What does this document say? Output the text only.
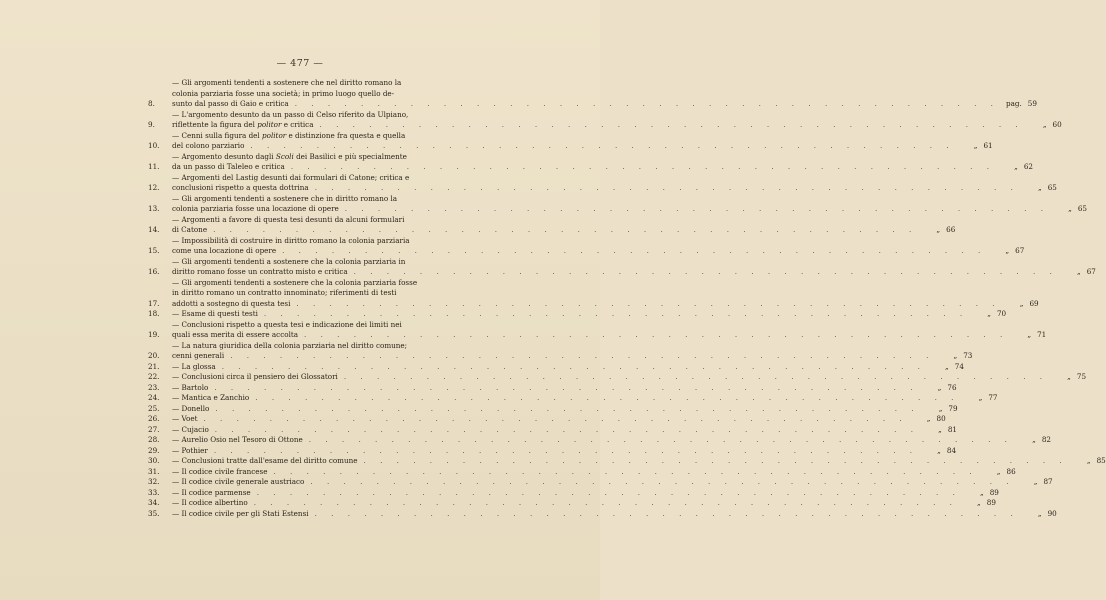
— 477 —
8.
— Gli argomenti tendenti a sostenere che nel diritto romano la
colonia parziaria fosse una società; in primo luogo quello de-
sunto dal passo di Gaio e critica . . .	pag. 59
9.
— L'argomento desunto da un passo di Celso riferito da Ulpiano,
riflettente la figura del politor e critica . . .	„ 60
10.
— Cenni sulla figura del politor e distinzione fra questa e quella
del colono parziario . . .	„ 61
11.
— Argomento desunto dagli Scoli dei Basilici e più specialmente
da un passo di Taleleo e critica . . .	„ 62
12.
— Argomenti del Lastig desunti dai formulari di Catone; critica e
conclusioni rispetto a questa dottrina . . .	„ 65
13.
— Gli argomenti tendenti a sostenere che in diritto romano la
colonia parziaria fosse una locazione di opere . . .	„ 65
14.
— Argomenti a favore di questa tesi desunti da alcuni formulari
di Catone . . .	„ 66
15.
— Impossibilità di costruire in diritto romano la colonia parziaria
come una locazione di opere . . .	„ 67
16.
— Gli argomenti tendenti a sostenere che la colonia parziaria in
diritto romano fosse un contratto misto e critica . . .	„ 67
17.
— Gli argomenti tendenti a sostenere che la colonia parziaria fosse
in diritto romano un contratto innominato; riferimenti di testi
addotti a sostegno di questa tesi . . .	„ 69
18.	— Esame di questi testi . . .	„ 70
19.
— Conclusioni rispetto a questa tesi e indicazione dei limiti nei
quali essa merita di essere accolta . . .	„ 71
20.
— La natura giuridica della colonia parziaria nel diritto comune;
cenni generali . . .	„ 73
21.	— La glossa . . .	„ 74
22.	— Conclusioni circa il pensiero dei Glossatori . . .	„ 75
23.	— Bartolo . . .	„ 76
24.	— Mantica e Zanchio . . .	„ 77
25.	— Donello . . .	„ 79
26.	— Voet . . .	„ 80
27.	— Cujacio . . .	„ 81
28.	— Aurelio Osio nel Tesoro di Ottone . . .	„ 82
29.	— Pothier . . .	„ 84
30.	— Conclusioni tratte dall'esame del diritto comune . . .	„ 85
31.	— Il codice civile francese . . .	„ 86
32.	— Il codice civile generale austriaco . . .	„ 87
33.	— Il codice parmense . . .	„ 89
34.	— Il codice albertino . . .	„ 89
35.	— Il codice civile per gli Stati Estensi . . .	„ 90
